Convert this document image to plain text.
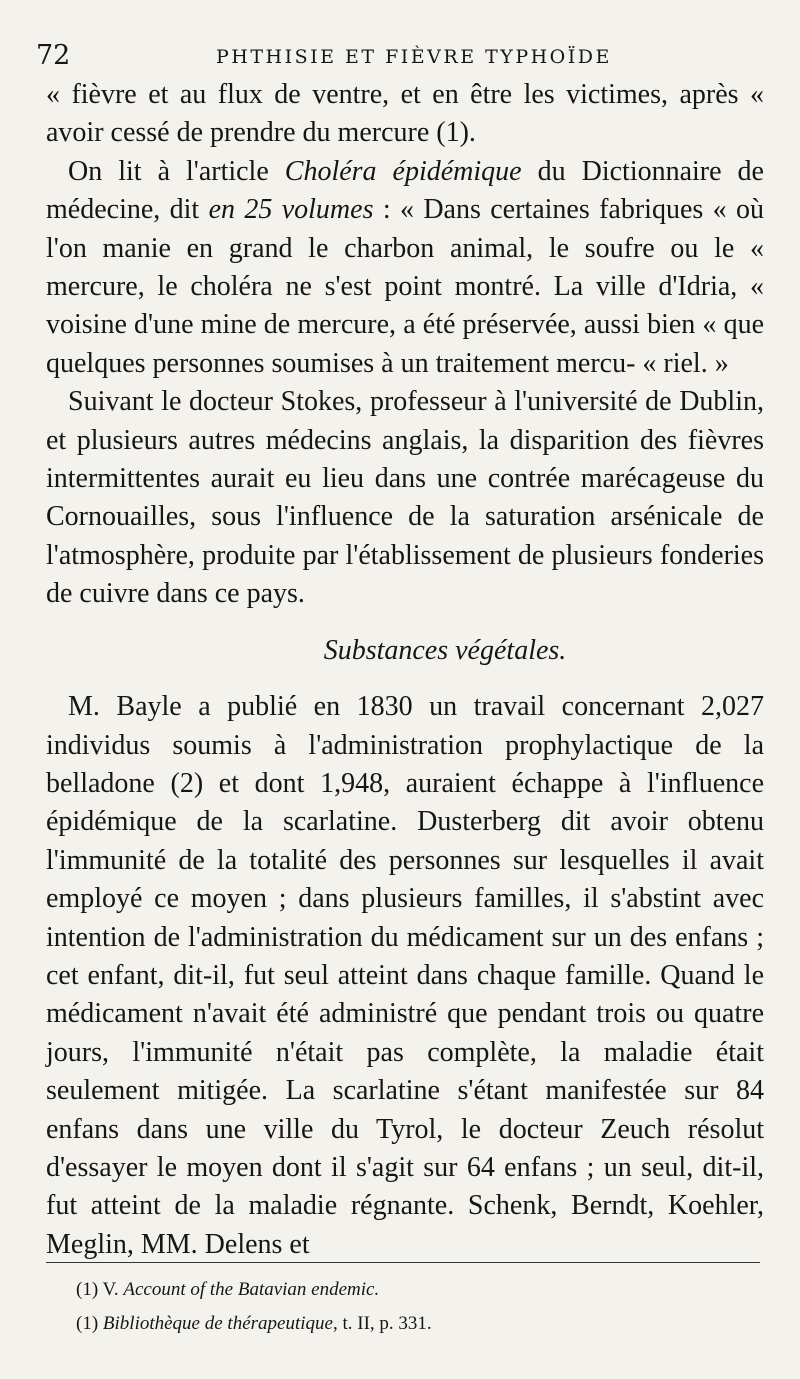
72	PHTHISIE ET FIÈVRE TYPHOÏDE

« fièvre et au flux de ventre, et en être les victimes, après « avoir cessé de prendre du mercure (1).

On lit à l'article Choléra épidémique du Dictionnaire de médecine, dit en 25 volumes : « Dans certaines fabriques « où l'on manie en grand le charbon animal, le soufre ou le « mercure, le choléra ne s'est point montré. La ville d'Idria, « voisine d'une mine de mercure, a été préservée, aussi bien « que quelques personnes soumises à un traitement mercu- « riel. »

Suivant le docteur Stokes, professeur à l'université de Dublin, et plusieurs autres médecins anglais, la disparition des fièvres intermittentes aurait eu lieu dans une contrée marécageuse du Cornouailles, sous l'influence de la saturation arsénicale de l'atmosphère, produite par l'établissement de plusieurs fonderies de cuivre dans ce pays.

Substances végétales.

M. Bayle a publié en 1830 un travail concernant 2,027 individus soumis à l'administration prophylactique de la belladone (2) et dont 1,948, auraient échappe à l'influence épidémique de la scarlatine. Dusterberg dit avoir obtenu l'immunité de la totalité des personnes sur lesquelles il avait employé ce moyen ; dans plusieurs familles, il s'abstint avec intention de l'administration du médicament sur un des enfans ; cet enfant, dit-il, fut seul atteint dans chaque famille. Quand le médicament n'avait été administré que pendant trois ou quatre jours, l'immunité n'était pas complète, la maladie était seulement mitigée. La scarlatine s'étant manifestée sur 84 enfans dans une ville du Tyrol, le docteur Zeuch résolut d'essayer le moyen dont il s'agit sur 64 enfans ; un seul, dit-il, fut atteint de la maladie régnante. Schenk, Berndt, Koehler, Meglin, MM. Delens et

(1) V. Account of the Batavian endemic.

(1) Bibliothèque de thérapeutique, t. II, p. 331.
